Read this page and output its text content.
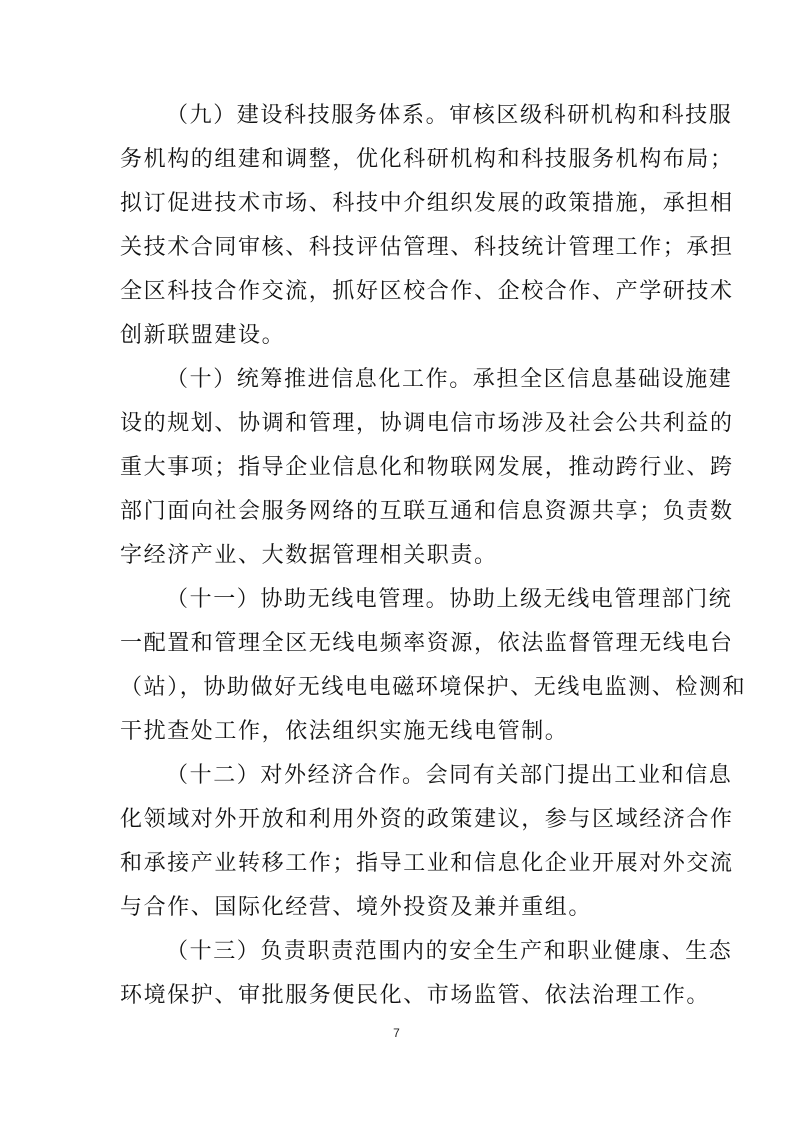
（九）建设科技服务体系。审核区级科研机构和科技服
务机构的组建和调整，优化科研机构和科技服务机构布局；
拟订促进技术市场、科技中介组织发展的政策措施，承担相
关技术合同审核、科技评估管理、科技统计管理工作；承担
全区科技合作交流，抓好区校合作、企校合作、产学研技术
创新联盟建设。
（十）统筹推进信息化工作。承担全区信息基础设施建
设的规划、协调和管理，协调电信市场涉及社会公共利益的
重大事项；指导企业信息化和物联网发展，推动跨行业、跨
部门面向社会服务网络的互联互通和信息资源共享；负责数
字经济产业、大数据管理相关职责。
（十一）协助无线电管理。协助上级无线电管理部门统
一配置和管理全区无线电频率资源，依法监督管理无线电台
（站），协助做好无线电电磁环境保护、无线电监测、检测和
干扰查处工作，依法组织实施无线电管制。
（十二）对外经济合作。会同有关部门提出工业和信息
化领域对外开放和利用外资的政策建议，参与区域经济合作
和承接产业转移工作；指导工业和信息化企业开展对外交流
与合作、国际化经营、境外投资及兼并重组。
（十三）负责职责范围内的安全生产和职业健康、生态
环境保护、审批服务便民化、市场监管、依法治理工作。
7
